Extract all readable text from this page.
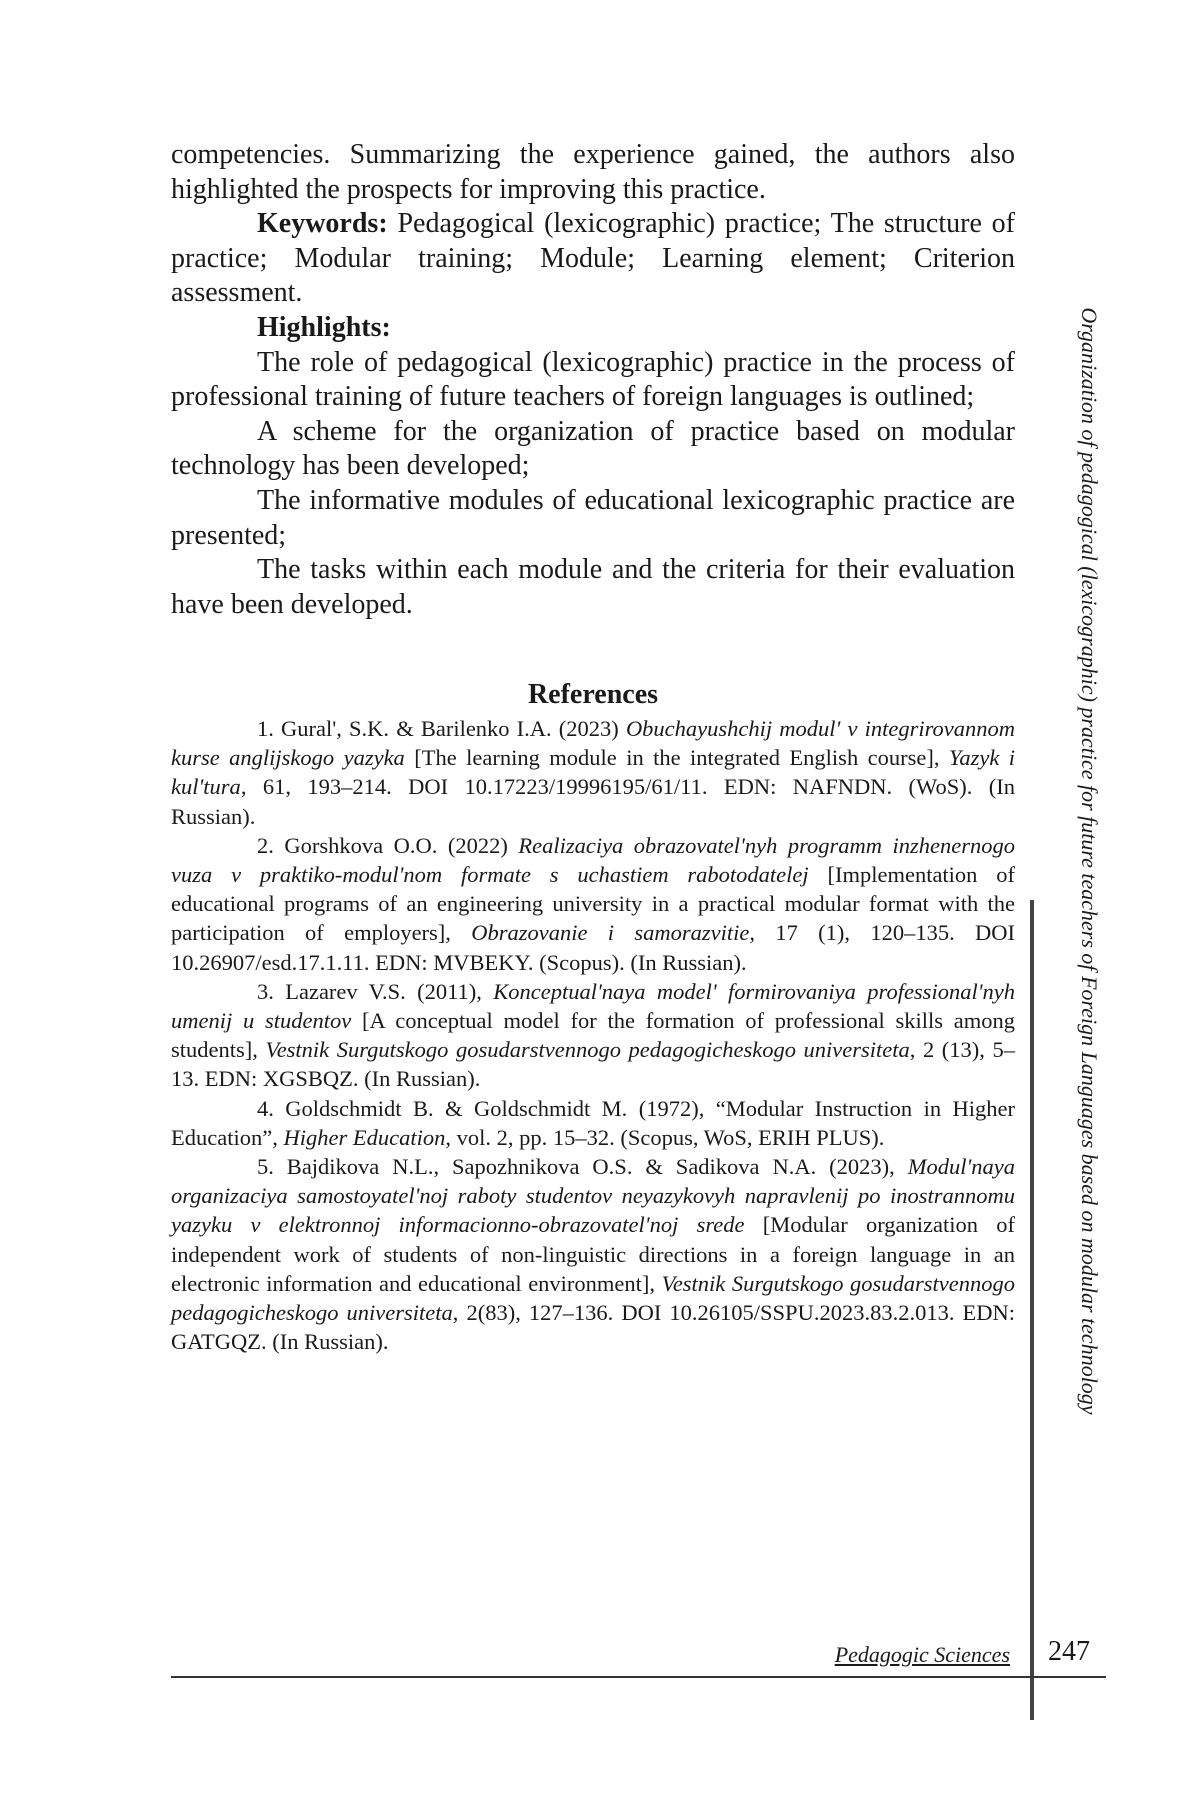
competencies. Summarizing the experience gained, the authors also highlighted the prospects for improving this practice.

Keywords: Pedagogical (lexicographic) practice; The structure of practice; Modular training; Module; Learning element; Criterion assessment.

Highlights:

The role of pedagogical (lexicographic) practice in the process of professional training of future teachers of foreign languages is outlined;

A scheme for the organization of practice based on modular technology has been developed;

The informative modules of educational lexicographic practice are presented;

The tasks within each module and the criteria for their evaluation have been developed.

References

1. Gural', S.K. & Barilenko I.A. (2023) Obuchayushchij modul' v integrirovannom kurse anglijskogo yazyka [The learning module in the integrated English course], Yazyk i kul'tura, 61, 193–214. DOI 10.17223/19996195/61/11. EDN: NAFNDN. (WoS). (In Russian).

2. Gorshkova O.O. (2022) Realizaciya obrazovatel'nyh programm inzhenernogo vuza v praktiko-modul'nom formate s uchastiem rabotodatelej [Implementation of educational programs of an engineering university in a practical modular format with the participation of employers], Obrazovanie i samorazvitie, 17 (1), 120–135. DOI 10.26907/esd.17.1.11. EDN: MVBEKY. (Scopus). (In Russian).

3. Lazarev V.S. (2011), Konceptual'naya model' formirovaniya professional'nyh umenij u studentov [A conceptual model for the formation of professional skills among students], Vestnik Surgutskogo gosudarstvennogo pedagogicheskogo universiteta, 2 (13), 5–13. EDN: XGSBQZ. (In Russian).

4. Goldschmidt B. & Goldschmidt M. (1972), “Modular Instruction in Higher Education”, Higher Education, vol. 2, pp. 15–32. (Scopus, WoS, ERIH PLUS).

5. Bajdikova N.L., Sapozhnikova O.S. & Sadikova N.A. (2023), Modul'naya organizaciya samostoyatel'noj raboty studentov neyazykovyh napravlenij po inostrannomu yazyku v elektronnoj informacionno-obrazovatel'noj srede [Modular organization of independent work of students of non-linguistic directions in a foreign language in an electronic information and educational environment], Vestnik Surgutskogo gosudarstvennogo pedagogicheskogo universiteta, 2(83), 127–136. DOI 10.26105/SSPU.2023.83.2.013. EDN: GATGQZ. (In Russian).	Organization of pedagogical (lexicographic) practice for future teachers of Foreign Languages based on modular technology
Pedagogic Sciences 247
